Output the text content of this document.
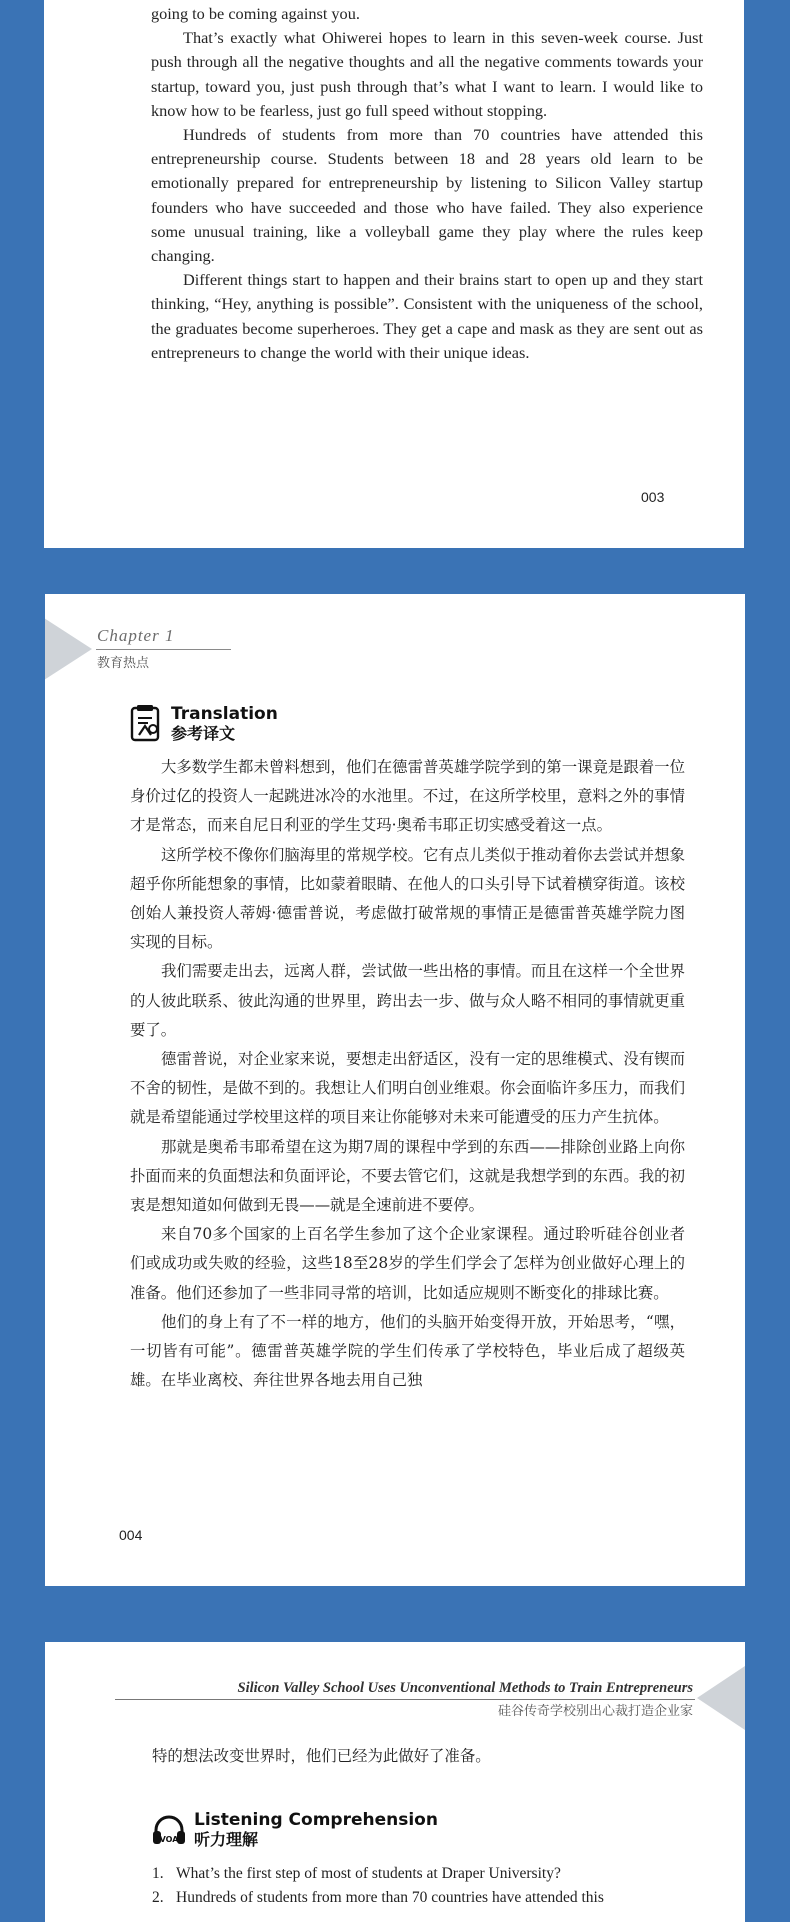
going to be coming against you.

That’s exactly what Ohiwerei hopes to learn in this seven-week course. Just push through all the negative thoughts and all the negative comments towards your startup, toward you, just push through that’s what I want to learn. I would like to know how to be fearless, just go full speed without stopping.

Hundreds of students from more than 70 countries have attended this entrepreneurship course. Students between 18 and 28 years old learn to be emotionally prepared for entrepreneurship by listening to Silicon Valley startup founders who have succeeded and those who have failed. They also experience some unusual training, like a volleyball game they play where the rules keep changing.

Different things start to happen and their brains start to open up and they start thinking, “Hey, anything is possible”. Consistent with the uniqueness of the school, the graduates become superheroes. They get a cape and mask as they are sent out as entrepreneurs to change the world with their unique ideas.

003
Chapter 1
教育热点
Translation
参考译文

大多数学生都未曾料想到，他们在德雷普英雄学院学到的第一课竟是跟着一位身价过亿的投资人一起跳进冰冷的水池里。不过，在这所学校里，意料之外的事情才是常态，而来自尼日利亚的学生艾玛·奥希韦耶正切实感受着这一点。

这所学校不像你们脑海里的常规学校。它有点儿类似于推动着你去尝试并想象超乎你所能想象的事情，比如蒙着眼睛、在他人的口头引导下试着横穿街道。该校创始人兼投资人蒂姆·德雷普说，考虑做打破常规的事情正是德雷普英雄学院力图实现的目标。

我们需要走出去，远离人群，尝试做一些出格的事情。而且在这样一个全世界的人彼此联系、彼此沟通的世界里，跨出去一步、做与众人略不相同的事情就更重要了。

德雷普说，对企业家来说，要想走出舒适区，没有一定的思维模式、没有锲而不舍的韧性，是做不到的。我想让人们明白创业维艰。你会面临许多压力，而我们就是希望能通过学校里这样的项目来让你能够对未来可能遭受的压力产生抗体。

那就是奥希韦耶希望在这为期7周的课程中学到的东西——排除创业路上向你扑面而来的负面想法和负面评论，不要去管它们，这就是我想学到的东西。我的初衷是想知道如何做到无畏——就是全速前进不要停。

来自70多个国家的上百名学生参加了这个企业家课程。通过聆听硅谷创业者们或成功或失败的经验，这些18至28岁的学生们学会了怎样为创业做好心理上的准备。他们还参加了一些非同寻常的培训，比如适应规则不断变化的排球比赛。

他们的身上有了不一样的地方，他们的头脑开始变得开放，开始思考，“嘿，一切皆有可能”。德雷普英雄学院的学生们传承了学校特色，毕业后成了超级英雄。在毕业离校、奔往世界各地去用自己独

004
Silicon Valley School Uses Unconventional Methods to Train Entrepreneurs
硅谷传奇学校别出心裁打造企业家
特的想法改变世界时，他们已经为此做好了准备。
VOA
Listening Comprehension
听力理解
1. What’s the first step of most of students at Draper University?
2. Hundreds of students from more than 70 countries have attended this
